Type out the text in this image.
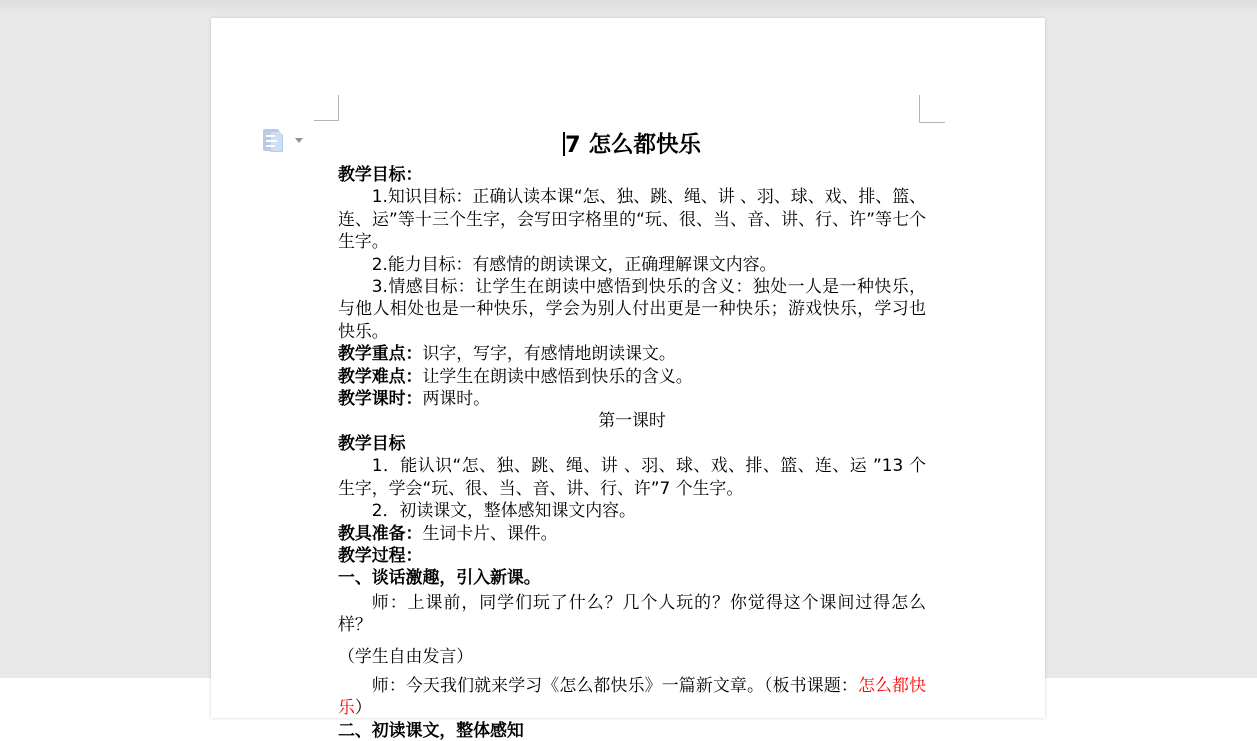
7 怎么都快乐
教学目标：
1.知识目标：正确认读本课“怎、独、跳、绳、讲 、羽、球、戏、排、篮、连、运”等十三个生字，会写田字格里的“玩、很、当、音、讲、行、许”等七个生字。
2.能力目标：有感情的朗读课文，正确理解课文内容。
3.情感目标：让学生在朗读中感悟到快乐的含义：独处一人是一种快乐，与他人相处也是一种快乐，学会为别人付出更是一种快乐；游戏快乐，学习也快乐。
教学重点：识字，写字，有感情地朗读课文。
教学难点：让学生在朗读中感悟到快乐的含义。
教学课时：两课时。
第一课时
教学目标
1．能认识“怎、独、跳、绳、讲 、羽、球、戏、排、篮、连、运 ”13 个生字，学会“玩、很、当、音、讲、行、许”7 个生字。
2．初读课文，整体感知课文内容。
教具准备：生词卡片、课件。
教学过程：
一、谈话激趣，引入新课。
师：上课前，同学们玩了什么？几个人玩的？你觉得这个课间过得怎么样？
（学生自由发言）
师：今天我们就来学习《怎么都快乐》一篇新文章。（板书课题：怎么都快乐）
二、初读课文，整体感知
